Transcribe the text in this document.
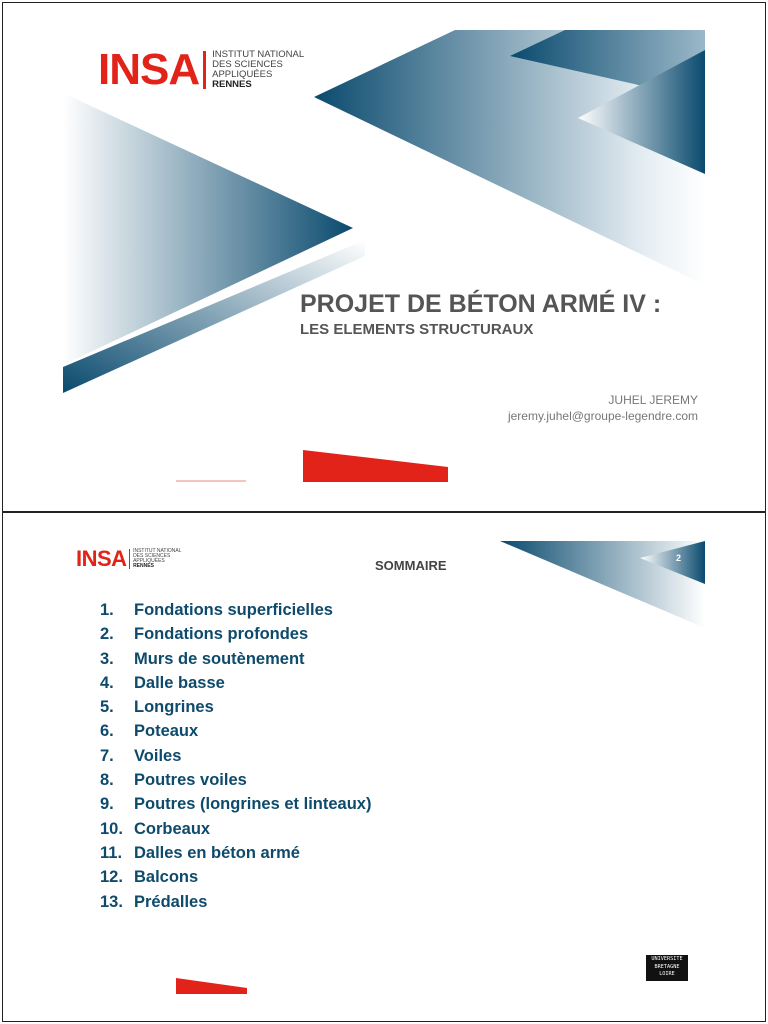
INSA INSTITUT NATIONAL
DES SCIENCES
APPLIQUÉES
RENNES
PROJET DE BÉTON ARMÉ IV :
LES ELEMENTS STRUCTURAUX
JUHEL JEREMY
jeremy.juhel@groupe-legendre.com
INSA INSTITUT NATIONAL
DES SCIENCES
APPLIQUÉES
RENNES	SOMMAIRE	2
1.	Fondations superficielles
2.	Fondations profondes
3.	Murs de soutènement
4.	Dalle basse
5.	Longrines
6.	Poteaux
7.	Voiles
8.	Poutres voiles
9.	Poutres (longrines et linteaux)
10. Corbeaux
11. Dalles en béton armé
12. Balcons
13. Prédalles
UNIVERSITE
BRETAGNE
LOIRE
